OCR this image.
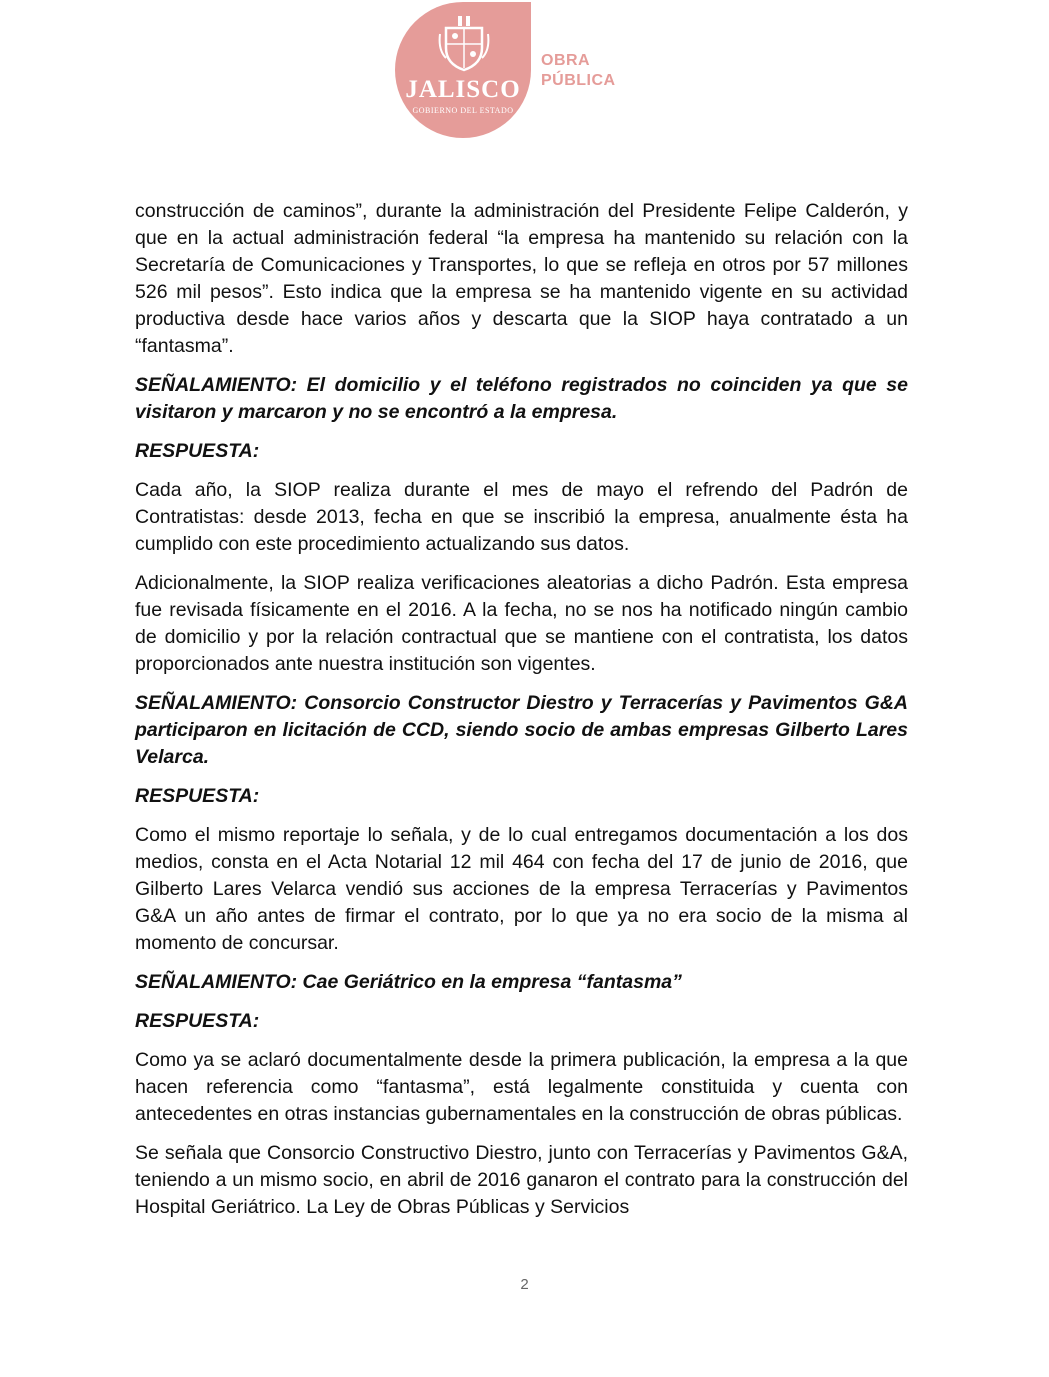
JALISCO
GOBIERNO DEL ESTADO
OBRA
PÚBLICA

construcción de caminos”, durante la administración del Presidente Felipe Calderón, y que en la actual administración federal “la empresa ha mantenido su relación con la Secretaría de Comunicaciones y Transportes, lo que se refleja en otros por 57 millones 526 mil pesos”. Esto indica que la empresa se ha mantenido vigente en su actividad productiva desde hace varios años y descarta que la SIOP haya contratado a un “fantasma”.

SEÑALAMIENTO: El domicilio y el teléfono registrados no coinciden ya que se visitaron y marcaron y no se encontró a la empresa.

RESPUESTA:

Cada año, la SIOP realiza durante el mes de mayo el refrendo del Padrón de Contratistas: desde 2013, fecha en que se inscribió la empresa, anualmente ésta ha cumplido con este procedimiento actualizando sus datos.

Adicionalmente, la SIOP realiza verificaciones aleatorias a dicho Padrón. Esta empresa fue revisada físicamente en el 2016. A la fecha, no se nos ha notificado ningún cambio de domicilio y por la relación contractual que se mantiene con el contratista, los datos proporcionados ante nuestra institución son vigentes.

SEÑALAMIENTO: Consorcio Constructor Diestro y Terracerías y Pavimentos G&A participaron en licitación de CCD, siendo socio de ambas empresas Gilberto Lares Velarca.

RESPUESTA:

Como el mismo reportaje lo señala, y de lo cual entregamos documentación a los dos medios, consta en el Acta Notarial 12 mil 464 con fecha del 17 de junio de 2016, que Gilberto Lares Velarca vendió sus acciones de la empresa Terracerías y Pavimentos G&A un año antes de firmar el contrato, por lo que ya no era socio de la misma al momento de concursar.

SEÑALAMIENTO: Cae Geriátrico en la empresa “fantasma”

RESPUESTA:

Como ya se aclaró documentalmente desde la primera publicación, la empresa a la que hacen referencia como “fantasma”, está legalmente constituida y cuenta con antecedentes en otras instancias gubernamentales en la construcción de obras públicas.

Se señala que Consorcio Constructivo Diestro, junto con Terracerías y Pavimentos G&A, teniendo a un mismo socio, en abril de 2016 ganaron el contrato para la construcción del Hospital Geriátrico. La Ley de Obras Públicas y Servicios

2
